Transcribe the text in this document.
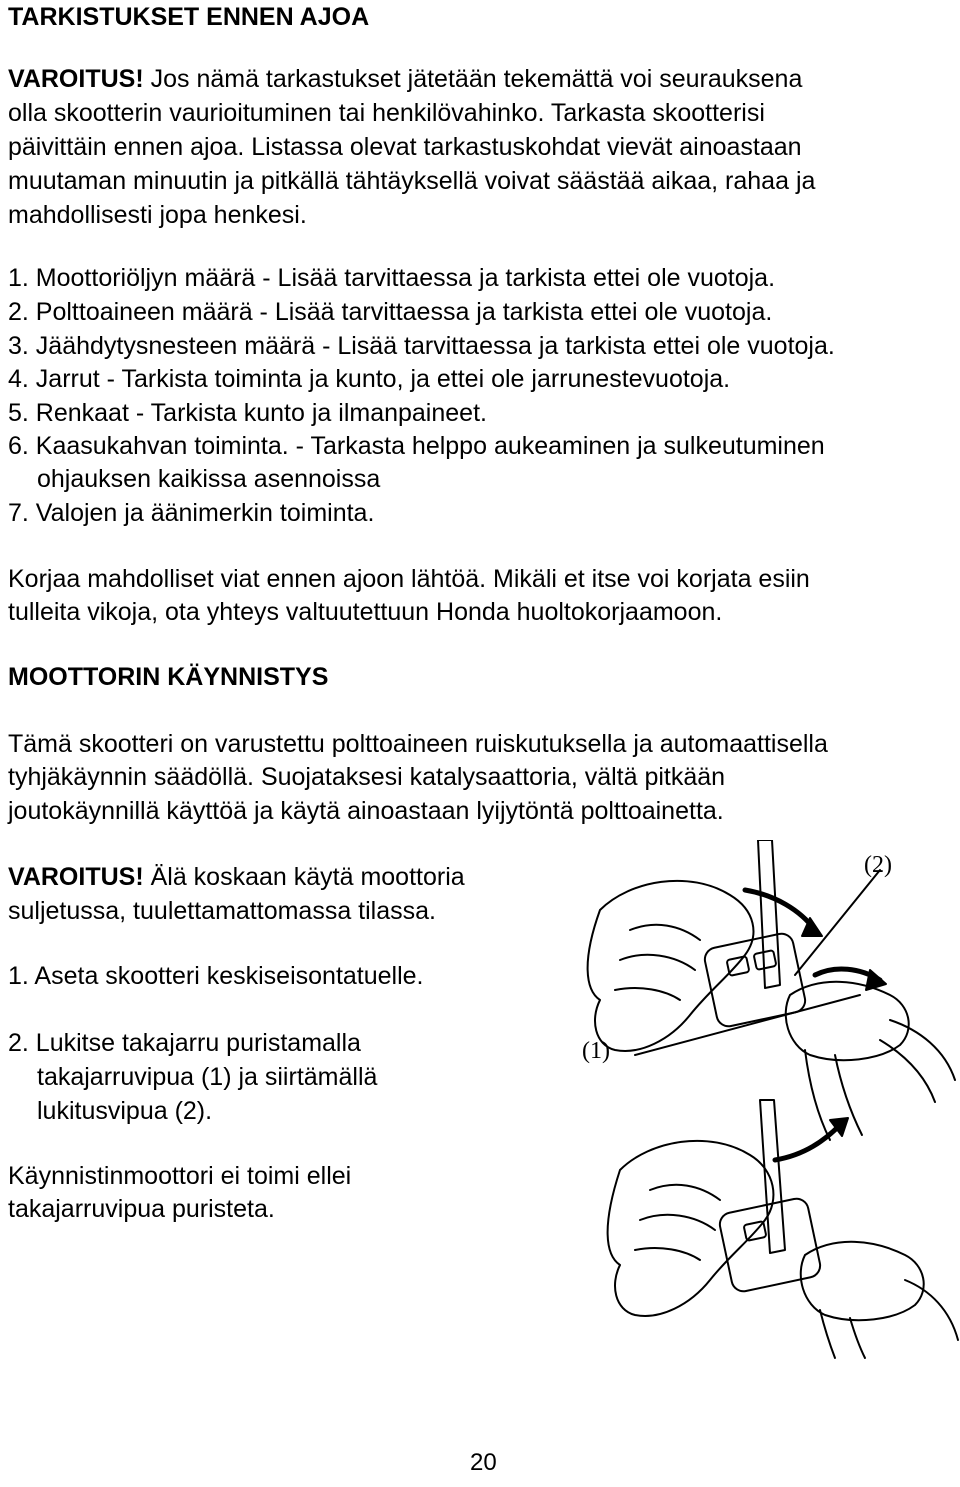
TARKISTUKSET ENNEN AJOA
VAROITUS! Jos nämä tarkastukset jätetään tekemättä voi seurauksena
olla skootterin vaurioituminen tai henkilövahinko. Tarkasta skootterisi
päivittäin ennen ajoa. Listassa olevat tarkastuskohdat vievät ainoastaan
muutaman minuutin ja pitkällä tähtäyksellä voivat säästää aikaa, rahaa ja
mahdollisesti jopa henkesi.
1. Moottoriöljyn määrä - Lisää tarvittaessa ja tarkista ettei ole vuotoja.
2. Polttoaineen määrä - Lisää tarvittaessa ja tarkista ettei ole vuotoja.
3. Jäähdytysnesteen määrä - Lisää tarvittaessa ja tarkista ettei ole vuotoja.
4. Jarrut - Tarkista toiminta ja kunto, ja ettei ole jarrunestevuotoja.
5. Renkaat - Tarkista kunto ja ilmanpaineet.
6. Kaasukahvan toiminta. - Tarkasta helppo aukeaminen ja sulkeutuminen
ohjauksen kaikissa asennoissa
7. Valojen ja äänimerkin toiminta.
Korjaa mahdolliset viat ennen ajoon lähtöä. Mikäli et itse voi korjata esiin
tulleita vikoja, ota yhteys valtuutettuun Honda huoltokorjaamoon.
MOOTTORIN KÄYNNISTYS
Tämä skootteri on varustettu polttoaineen ruiskutuksella ja automaattisella
tyhjäkäynnin säädöllä. Suojataksesi katalysaattoria, vältä pitkään
joutokäynnillä käyttöä ja käytä ainoastaan lyijytöntä polttoainetta.
VAROITUS! Älä koskaan käytä moottoria
suljetussa, tuulettamattomassa tilassa.
1. Aseta skootteri keskiseisontatuelle.
2. Lukitse takajarru puristamalla
takajarruvipua (1) ja siirtämällä
lukitusvipua (2).
Käynnistinmoottori ei toimi ellei
takajarruvipua puristeta.
(2)
(1)
20
